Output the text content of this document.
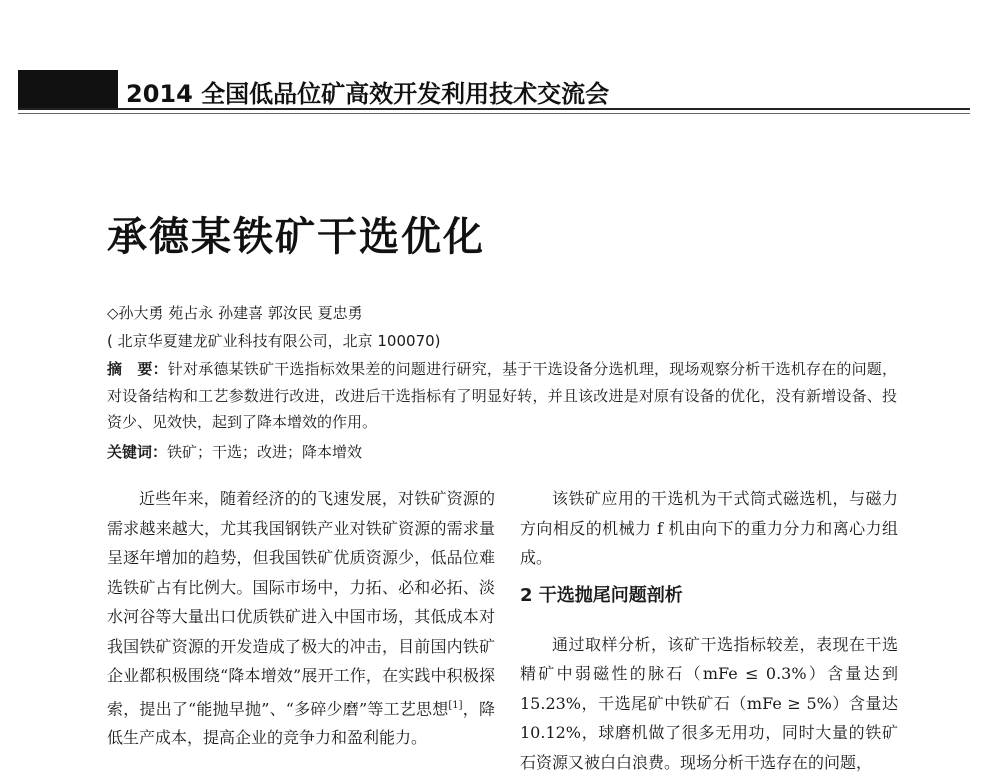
2014 全国低品位矿高效开发利用技术交流会
承德某铁矿干选优化
◇孙大勇 苑占永 孙建喜 郭汝民 夏忠勇
( 北京华夏建龙矿业科技有限公司，北京 100070)
摘　要：针对承德某铁矿干选指标效果差的问题进行研究，基于干选设备分选机理，现场观察分析干选机存在的问题，对设备结构和工艺参数进行改进，改进后干选指标有了明显好转，并且该改进是对原有设备的优化，没有新增设备、投资少、见效快，起到了降本增效的作用。
关键词：铁矿；干选；改进；降本增效

近些年来，随着经济的的飞速发展，对铁矿资源的需求越来越大，尤其我国钢铁产业对铁矿资源的需求量呈逐年增加的趋势，但我国铁矿优质资源少，低品位难选铁矿占有比例大。国际市场中，力拓、必和必拓、淡水河谷等大量出口优质铁矿进入中国市场，其低成本对我国铁矿资源的开发造成了极大的冲击，目前国内铁矿企业都积极围绕“降本增效”展开工作，在实践中积极探索，提出了“能抛早抛”、“多碎少磨”等工艺思想[1]，降低生产成本，提高企业的竞争力和盈利能力。

该铁矿应用的干选机为干式筒式磁选机，与磁力方向相反的机械力 f 机由向下的重力分力和离心力组成。

2 干选抛尾问题剖析

通过取样分析，该矿干选指标较差，表现在干选精矿中弱磁性的脉石（mFe ≤ 0.3%）含量达到 15.23%，干选尾矿中铁矿石（mFe ≥ 5%）含量达 10.12%，球磨机做了很多无用功，同时大量的铁矿石资源又被白白浪费。现场分析干选存在的问题，
